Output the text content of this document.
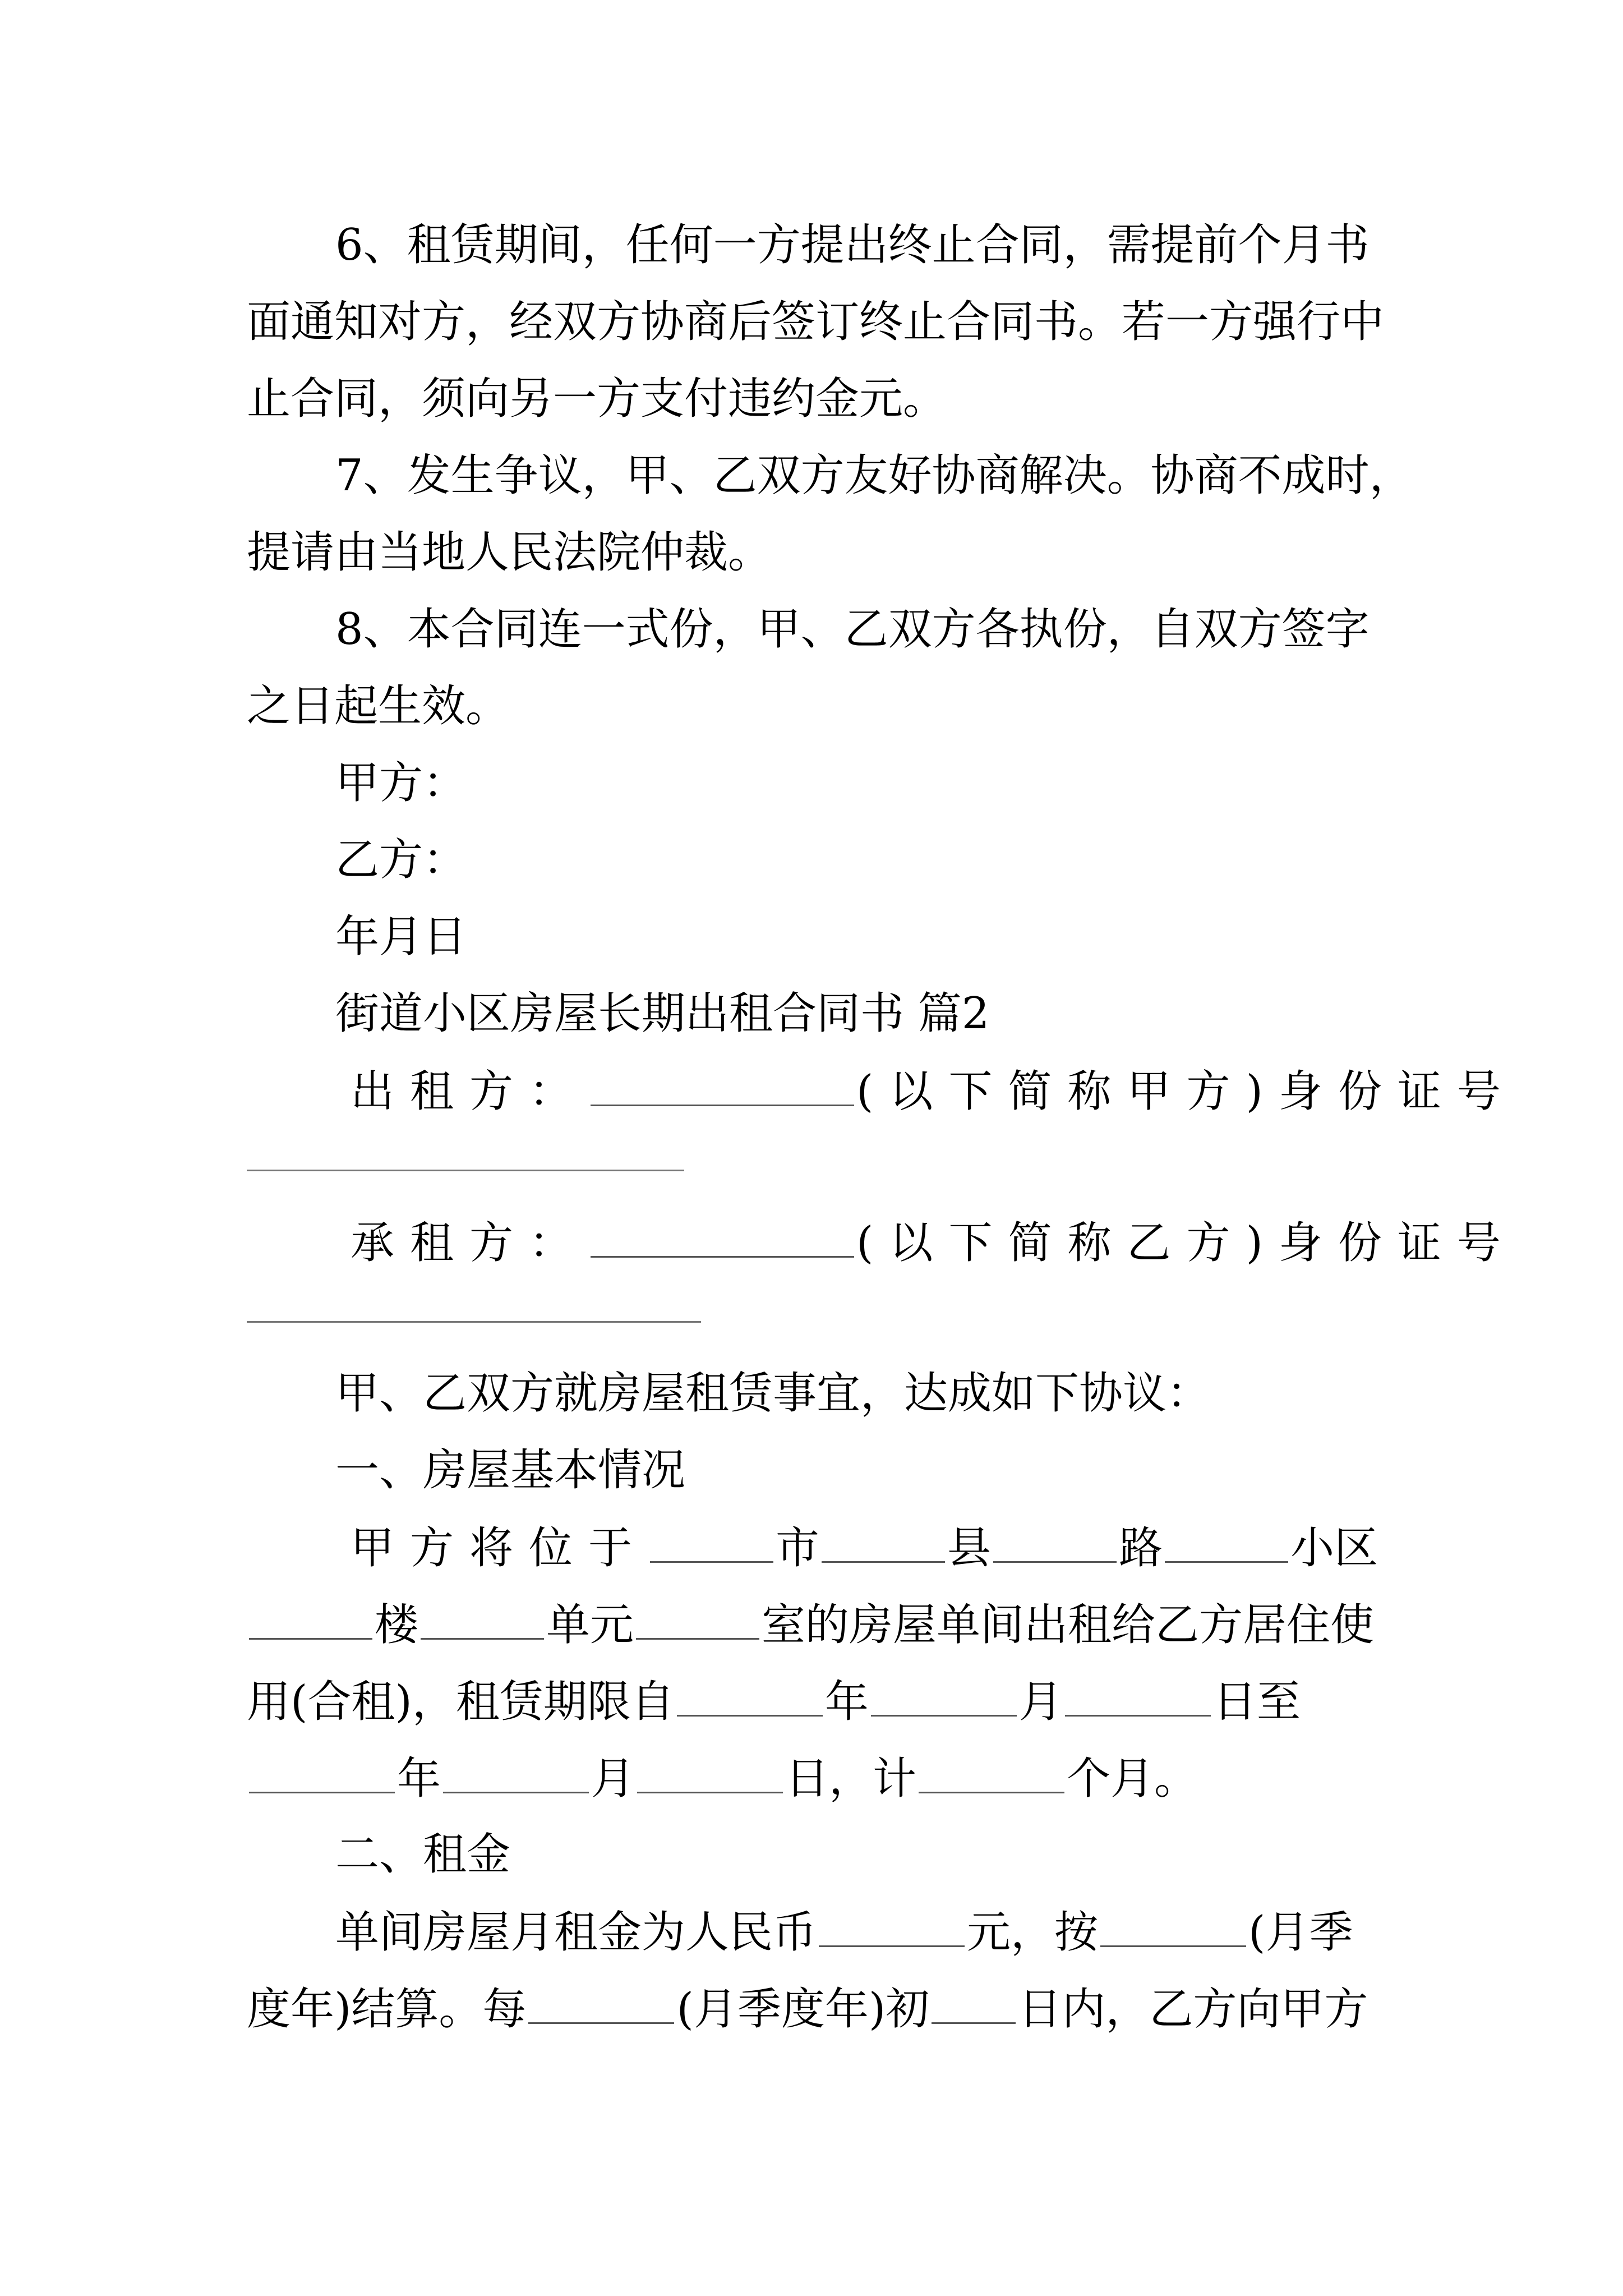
6、租赁期间，任何一方提出终止合同，需提前个月书
面通知对方，经双方协商后签订终止合同书。若一方强行中
止合同，须向另一方支付违约金元。
7、发生争议，甲、乙双方友好协商解决。协商不成时，
提请由当地人民法院仲裁。
8、本合同连一式份，甲、乙双方各执份，自双方签字
之日起生效。
甲方：
乙方：
年月日
街道小区房屋长期出租合同书 篇2
出租方：	(以下简称甲方)身份证号
承租方：	(以下简称乙方)身份证号
甲、乙双方就房屋租赁事宜，达成如下协议：
一、房屋基本情况
甲方将位于	市	县	路	小区
楼	单元	室的房屋单间出租给乙方居住使
用(合租)，租赁期限自	年	月	日至
年	月	日，计	个月。
二、租金
单间房屋月租金为人民币	元，按	(月季
度年)结算。每	(月季度年)初 日内，乙方向甲方
